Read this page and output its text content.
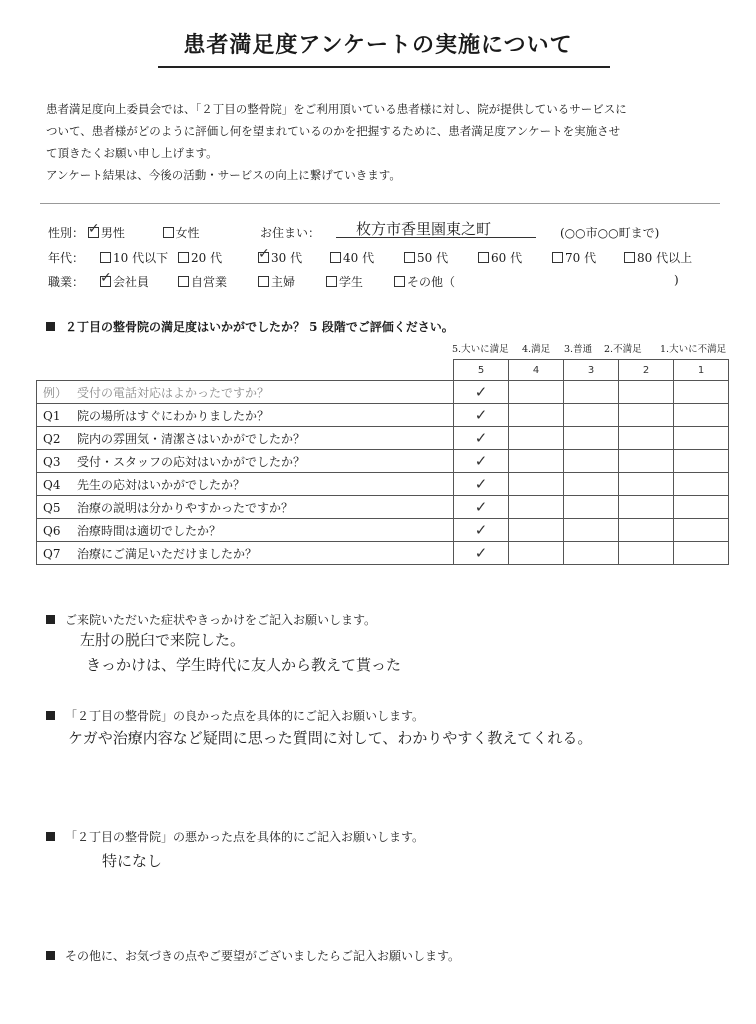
患者満足度アンケートの実施について

患者満足度向上委員会では、「２丁目の整骨院」をご利用頂いている患者様に対し、院が提供しているサービスに

ついて、患者様がどのように評価し何を望まれているのかを把握するために、患者満足度アンケートを実施させ

て頂きたくお願い申し上げます。

アンケート結果は、今後の活動・サービスの向上に繋げていきます。

性別： ✓ 男性	女性	お住まい： 枚方市香里園東之町	(○○市○○町まで)
年代：	10 代以下	20 代	✓ 30 代	40 代	50 代	60 代	70 代	80 代以上
職業： ✓ 会社員	自営業	主婦	学生	その他（	)
２丁目の整骨院の満足度はいかがでしたか？ 5 段階でご評価ください。
5.大いに満足 4.満足 3.普通 2.不満足 1.大いに不満足
	5	4	3	2	1
例） 受付の電話対応はよかったですか？	✓				
Q1 院の場所はすぐにわかりましたか？	✓				
Q2 院内の雰囲気・清潔さはいかがでしたか？	✓				
Q3 受付・スタッフの応対はいかがでしたか？	✓				
Q4 先生の応対はいかがでしたか？	✓				
Q5 治療の説明は分かりやすかったですか？	✓				
Q6 治療時間は適切でしたか？	✓				
Q7 治療にご満足いただけましたか？	✓				
ご来院いただいた症状やきっかけをご記入お願いします。
左肘の脱臼で来院した。
きっかけは、学生時代に友人から教えて貰った
「２丁目の整骨院」の良かった点を具体的にご記入お願いします。
ケガや治療内容など疑問に思った質問に対して、わかりやすく教えてくれる。
「２丁目の整骨院」の悪かった点を具体的にご記入お願いします。
特になし
その他に、お気づきの点やご要望がございましたらご記入お願いします。
